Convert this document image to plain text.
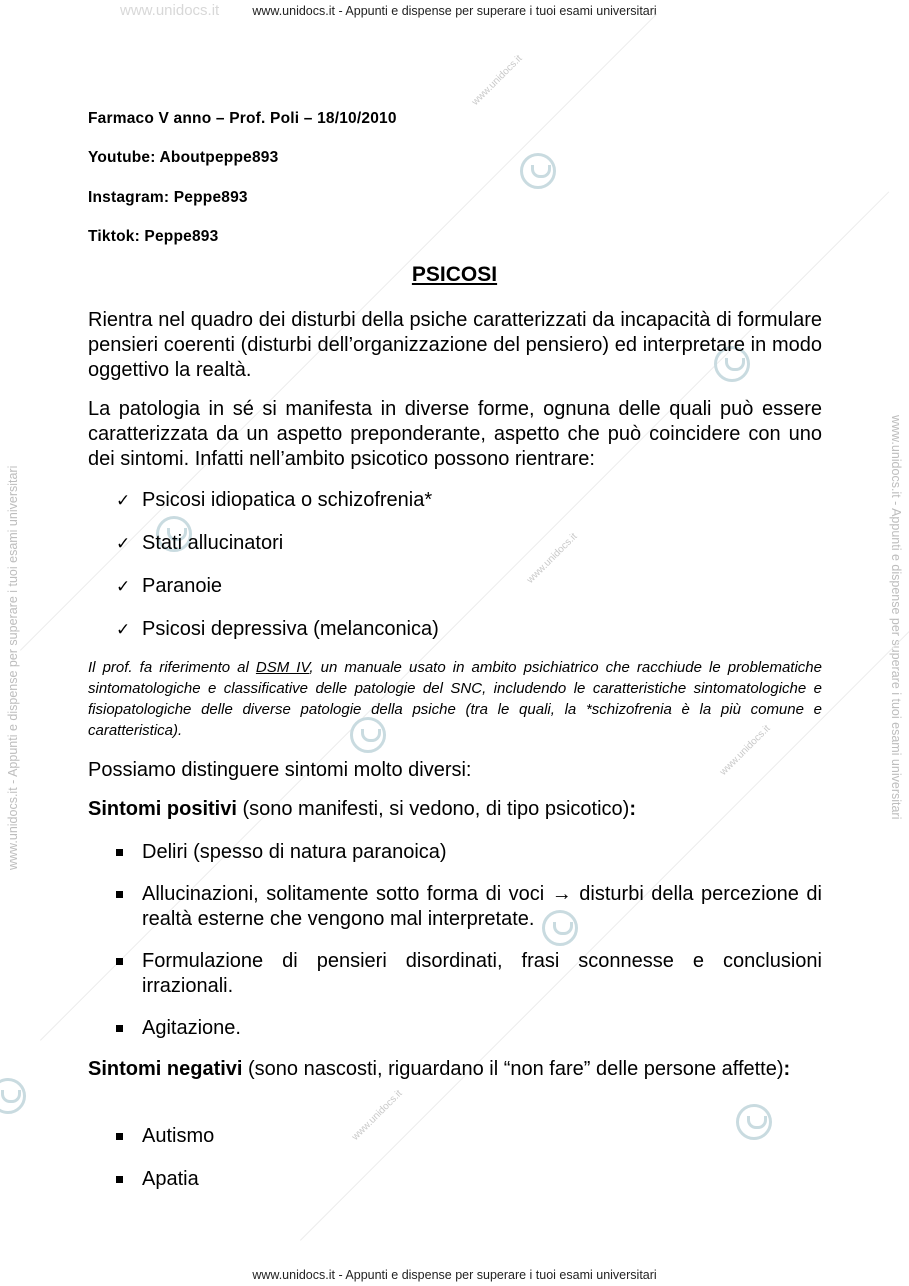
www.unidocs.it	www.unidocs.it - Appunti e dispense per superare i tuoi esami universitari
www.unidocs.it - Appunti e dispense per superare i tuoi esami universitari
www.unidocs.it - Appunti e dispense per superare i tuoi esami universitari	www.unidocs.it - Appunti e dispense per superare i tuoi esami universitari
www.unidocs.it
www.unidocs.it
www.unidocs.it
www.unidocs.it
Farmaco V anno – Prof. Poli – 18/10/2010
Youtube: Aboutpeppe893
Instagram: Peppe893
Tiktok: Peppe893
PSICOSI
Rientra nel quadro dei disturbi della psiche caratterizzati da incapacità di formulare pensieri coerenti (disturbi dell’organizzazione del pensiero) ed interpretare in modo oggettivo la realtà.
La patologia in sé si manifesta in diverse forme, ognuna delle quali può essere caratterizzata da un aspetto preponderante, aspetto che può coincidere con uno dei sintomi. Infatti nell’ambito psicotico possono rientrare:
✓ Psicosi idiopatica o schizofrenia*
✓ Stati allucinatori
✓ Paranoie
✓ Psicosi depressiva (melanconica)
Il prof. fa riferimento al DSM IV, un manuale usato in ambito psichiatrico che racchiude le problematiche sintomatologiche e classificative delle patologie del SNC, includendo le caratteristiche sintomatologiche e fisiopatologiche delle diverse patologie della psiche (tra le quali, la *schizofrenia è la più comune e caratteristica).
Possiamo distinguere sintomi molto diversi:
Sintomi positivi (sono manifesti, si vedono, di tipo psicotico):
Deliri (spesso di natura paranoica)
Allucinazioni, solitamente sotto forma di voci → disturbi della percezione di realtà esterne che vengono mal interpretate.
Formulazione di pensieri disordinati, frasi sconnesse e conclusioni irrazionali.
Agitazione.
Sintomi negativi (sono nascosti, riguardano il “non fare” delle persone affette):
Autismo
Apatia
